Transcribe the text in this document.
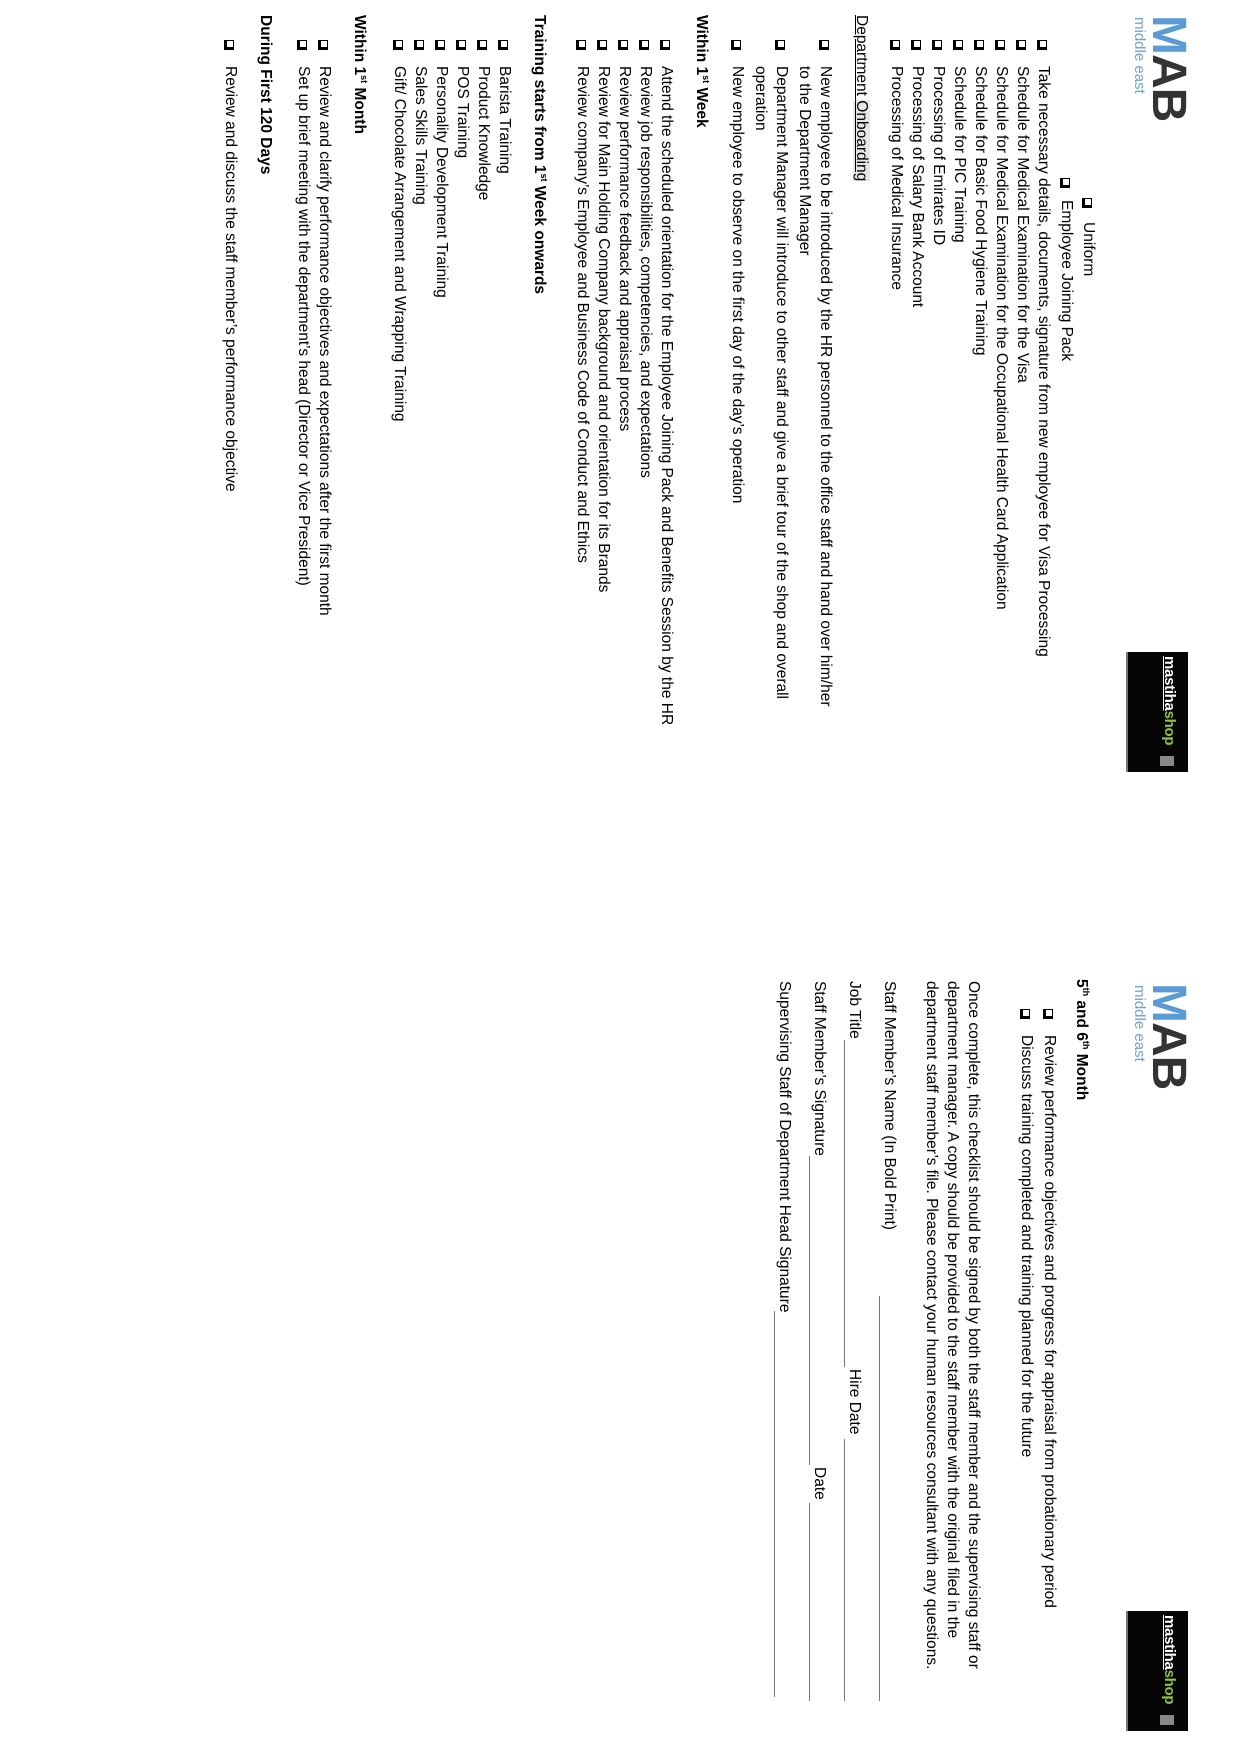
MAB
middle east
mastihashop
Uniform
Employee Joining Pack
Take necessary details, documents, signature from new employee for Visa Processing
Schedule for Medical Examination for the Visa
Schedule for Medical Examination for the Occupational Health Card Application
Schedule for Basic Food Hygiene Training
Schedule for PIC Training
Processing of Emirates ID
Processing of Salary Bank Account
Processing of Medical Insurance
Department Onboarding
New employee to be introduced by the HR personnel to the office staff and hand over him/her
to the Department Manager
Department Manager will introduce to other staff and give a brief tour of the shop and overall
operation
New employee to observe on the first day of the day’s operation
Within 1st Week
Attend the scheduled orientation for the Employee Joining Pack and Benefits Session by the HR
Review job responsibilities, competencies, and expectations
Review performance feedback and appraisal process
Review for Main Holding Company background and orientation for its Brands
Review company’s Employee and Business Code of Conduct and Ethics
Training starts from 1st Week onwards
Barista Training
Product Knowledge
POS Training
Personality Development Training
Sales Skills Training
Gift/ Chocolate Arrangement and Wrapping Training
Within 1st Month
Review and clarify performance objectives and expectations after the first month
Set up brief meeting with the department’s head (Director or Vice President)
During First 120 Days
Review and discuss the staff member’s performance objective
MAB
middle east
mastihashop
5th and 6th Month
Review performance objectives and progress for appraisal from probationary period
Discuss training completed and training planned for the future
Once complete, this checklist should be signed by both the staff member and the supervising staff or
department manager. A copy should be provided to the staff member with the original filed in the
department staff member’s file. Please contact your human resources consultant with any questions.
Staff Member’s Name (In Bold Print)
Job Title
Hire Date
Staff Member’s Signature
Date
Supervising Staff of Department Head Signature
